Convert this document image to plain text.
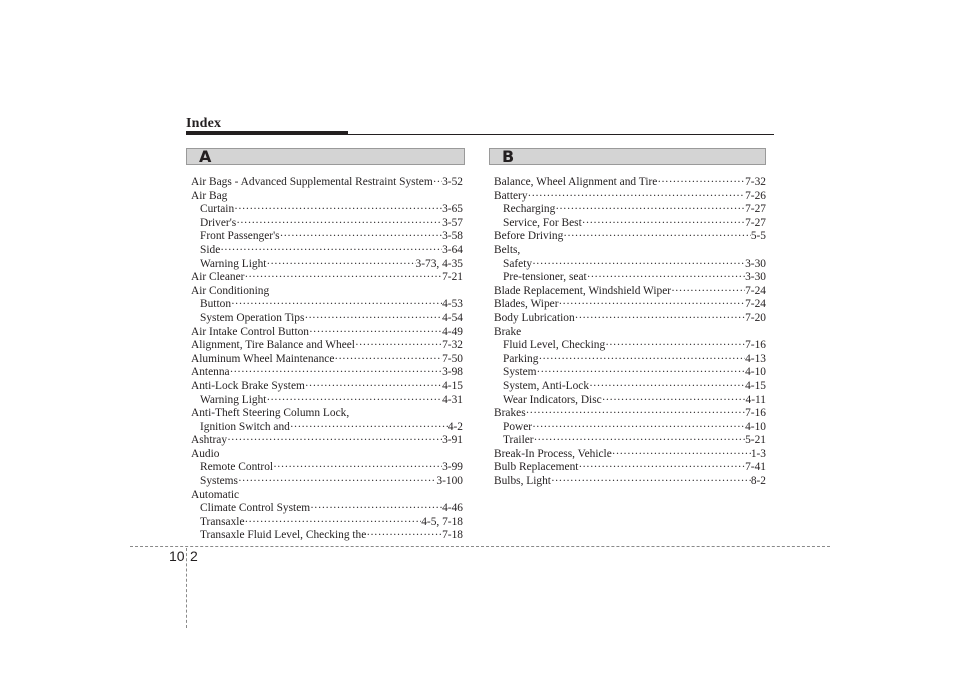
Index
A	B
Air Bags - Advanced Supplemental Restraint System ····· 3-52
Air Bag
Curtain ·····	3-65
Driver's ·····	3-57
Front Passenger's ·····	3-58
Side ·····	3-64
Warning Light ·····	3-73, 4-35
Air Cleaner ·····	7-21
Air Conditioning
Button ·····	4-53
System Operation Tips ·····	4-54
Air Intake Control Button ·····	4-49
Alignment, Tire Balance and Wheel ·····	7-32
Aluminum Wheel Maintenance ·····	7-50
Antenna ·····	3-98
Anti-Lock Brake System ·····	4-15
Warning Light ·····	4-31
Anti-Theft Steering Column Lock,
Ignition Switch and ·····	4-2
Ashtray ·····	3-91
Audio
Remote Control ·····	3-99
Systems ·····	3-100
Automatic
Climate Control System ·····	4-46
Transaxle ·····	4-5, 7-18
Transaxle Fluid Level, Checking the ·····	7-18
Balance, Wheel Alignment and Tire ·····	7-32
Battery ·····	7-26
Recharging ·····	7-27
Service, For Best ·····	7-27
Before Driving ·····	5-5
Belts,
Safety ·····	3-30
Pre-tensioner, seat ·····	3-30
Blade Replacement, Windshield Wiper ·····	7-24
Blades, Wiper ·····	7-24
Body Lubrication ·····	7-20
Brake
Fluid Level, Checking ·····	7-16
Parking ·····	4-13
System ·····	4-10
System, Anti-Lock ·····	4-15
Wear Indicators, Disc ·····	4-11
Brakes ·····	7-16
Power ·····	4-10
Trailer ·····	5-21
Break-In Process, Vehicle ·····	1-3
Bulb Replacement ·····	7-41
Bulbs, Light ·····	8-2
10 2
